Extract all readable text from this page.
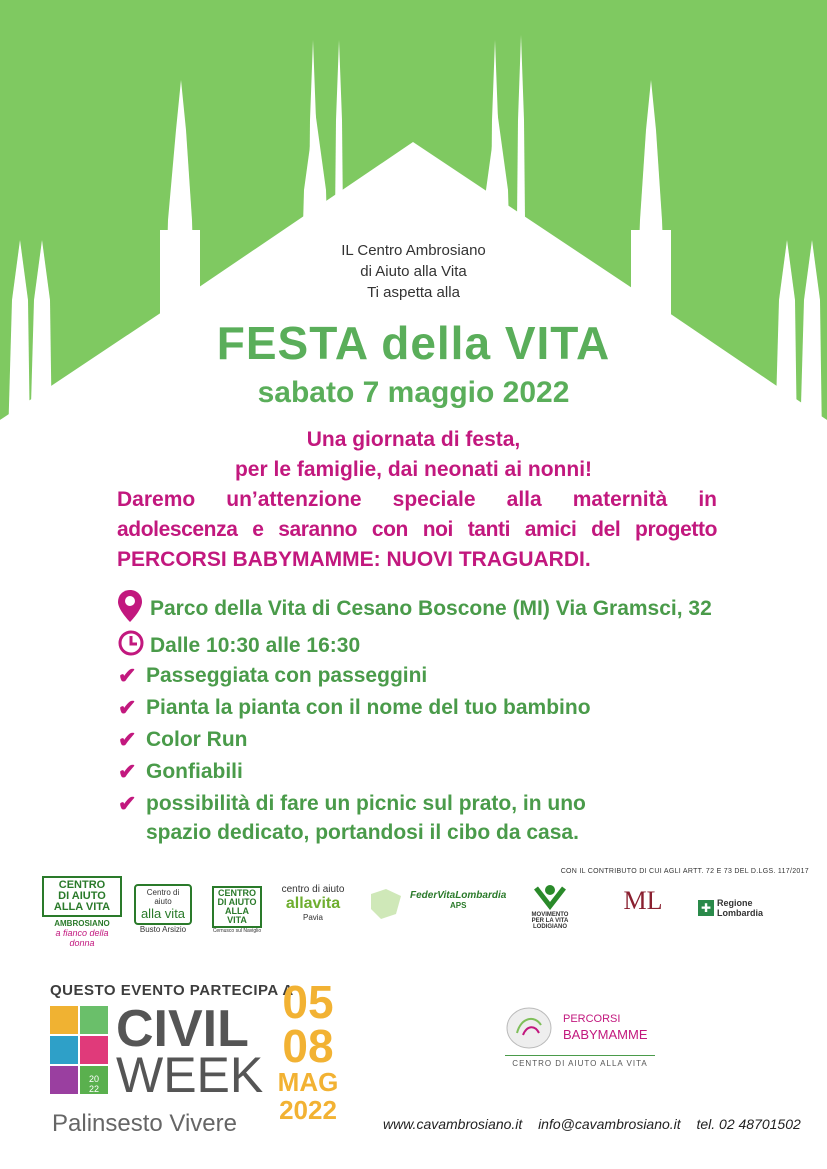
IL Centro Ambrosiano
di Aiuto alla Vita
Ti aspetta alla
FESTA della VITA
sabato 7 maggio 2022
Una giornata di festa,
per le famiglie, dai neonati ai nonni!
Daremo un’attenzione speciale alla maternità in
adolescenza e saranno con noi tanti amici del progetto
PERCORSI BABYMAMME: NUOVI TRAGUARDI.
Parco della Vita di Cesano Boscone (MI) Via Gramsci, 32
Dalle 10:30 alle 16:30
✔ Passeggiata con passeggini
✔ Pianta la pianta con il nome del tuo bambino
✔ Color Run
✔ Gonfiabili
✔ possibilità di fare un picnic sul prato, in uno
spazio dedicato, portandosi il cibo da casa.
CON IL CONTRIBUTO DI CUI AGLI ARTT. 72 E 73 DEL D.LGS. 117/2017
CENTRO
DI AIUTO
ALLA VITA
AMBROSIANO
a fianco della donna
Centro di aiuto
alla vita
Busto Arsizio
CENTRO
DI AIUTO
ALLA VITA
Cernusco sul Naviglio
centro di aiuto
allavita
Pavia
FederVitaLombardia
APS
MOVIMENTO
PER LA VITA
LODIGIANO
ML	✚ Regione
Lombardia
QUESTO EVENTO PARTECIPA A
20
22
CIVIL
WEEK
Palinsesto Vivere
05
08
MAG
2022
PERCORSI
BABYMAMME
CENTRO DI AIUTO ALLA VITA
www.cavambrosiano.it info@cavambrosiano.it tel. 02 48701502
